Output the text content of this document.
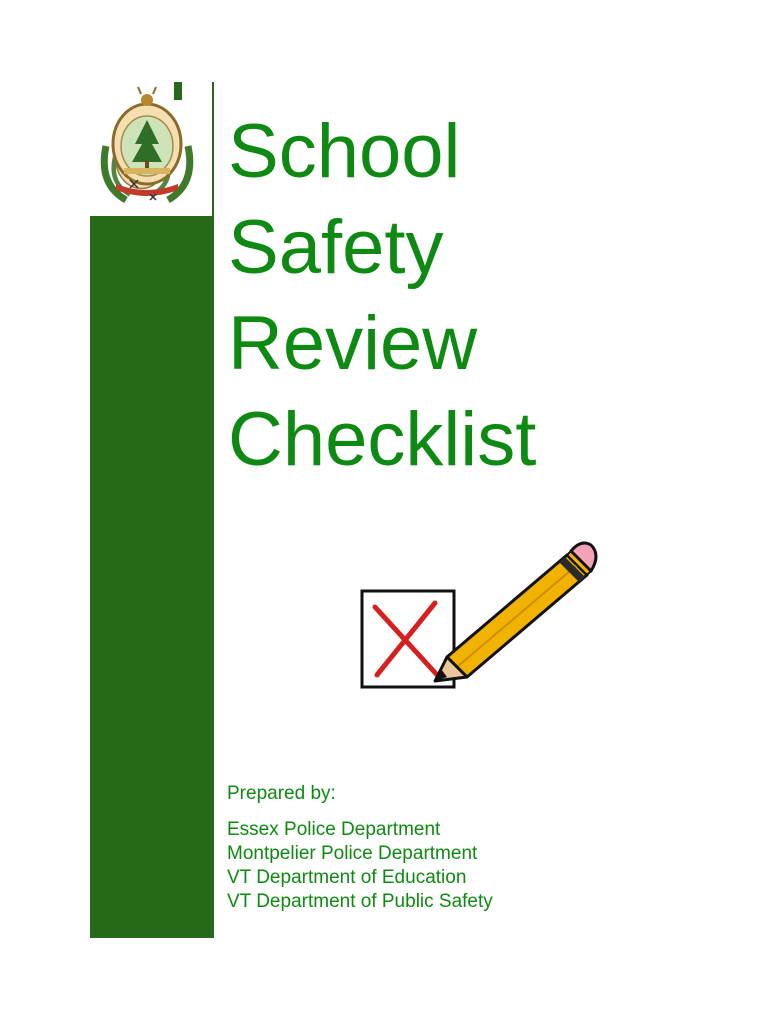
School
Safety
Review
Checklist
Prepared by:
Essex Police Department
Montpelier Police Department
VT Department of Education
VT Department of Public Safety
